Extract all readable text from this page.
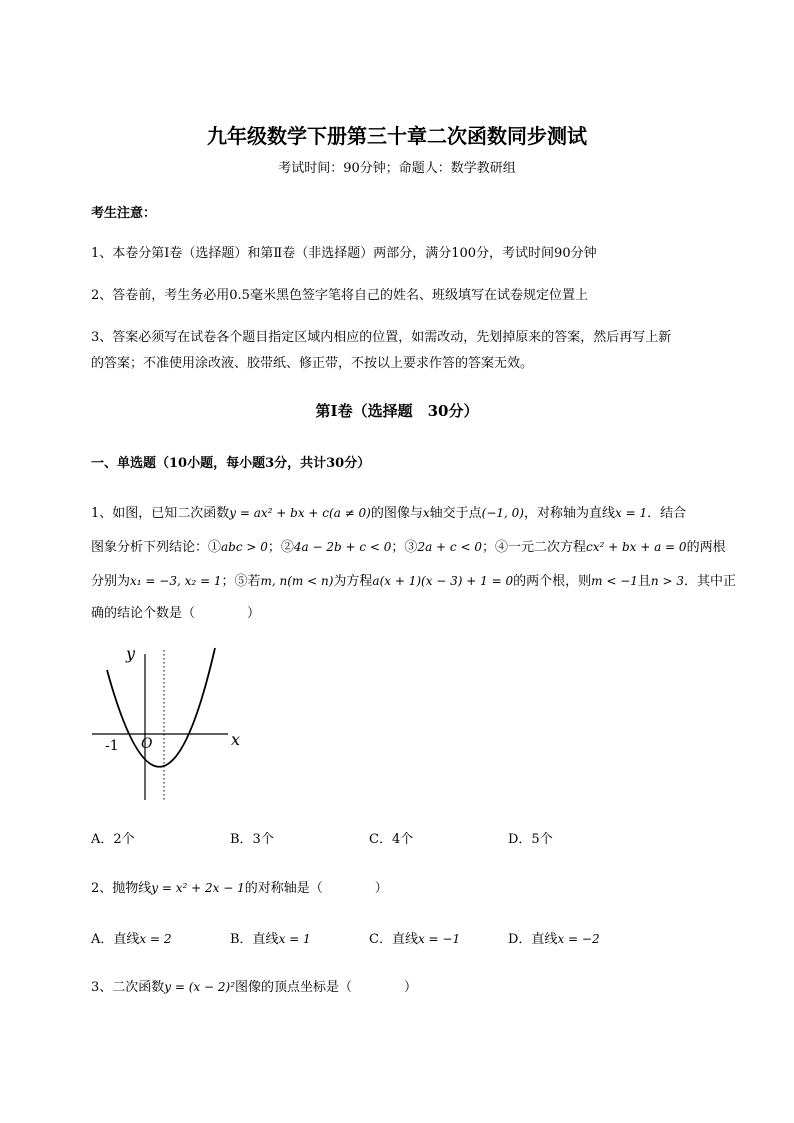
九年级数学下册第三十章二次函数同步测试
考试时间：90分钟；命题人：数学教研组
考生注意：
1、本卷分第Ⅰ卷（选择题）和第Ⅱ卷（非选择题）两部分，满分100分，考试时间90分钟
2、答卷前，考生务必用0.5毫米黑色签字笔将自己的姓名、班级填写在试卷规定位置上
3、答案必须写在试卷各个题目指定区域内相应的位置，如需改动，先划掉原来的答案，然后再写上新
的答案；不准使用涂改液、胶带纸、修正带，不按以上要求作答的答案无效。
第Ⅰ卷（选择题　30分）
一、单选题（10小题，每小题3分，共计30分）
1、如图，已知二次函数y = ax² + bx + c(a ≠ 0)的图像与x轴交于点(−1, 0)，对称轴为直线x = 1．结合
图象分析下列结论：①abc > 0；②4a − 2b + c < 0；③2a + c < 0；④一元二次方程cx² + bx + a = 0的两根
分别为x₁ = −3, x₂ = 1；⑤若m, n(m < n)为方程a(x + 1)(x − 3) + 1 = 0的两个根，则m < −1且n > 3．其中正
确的结论个数是（　　　　）
y
x
O
-1
A．2个	B．3个	C．4个	D．5个
2、抛物线y = x² + 2x − 1的对称轴是（　　　　）
A．直线x = 2	B．直线x = 1	C．直线x = −1	D．直线x = −2
3、二次函数y = (x − 2)²图像的顶点坐标是（　　　　）
